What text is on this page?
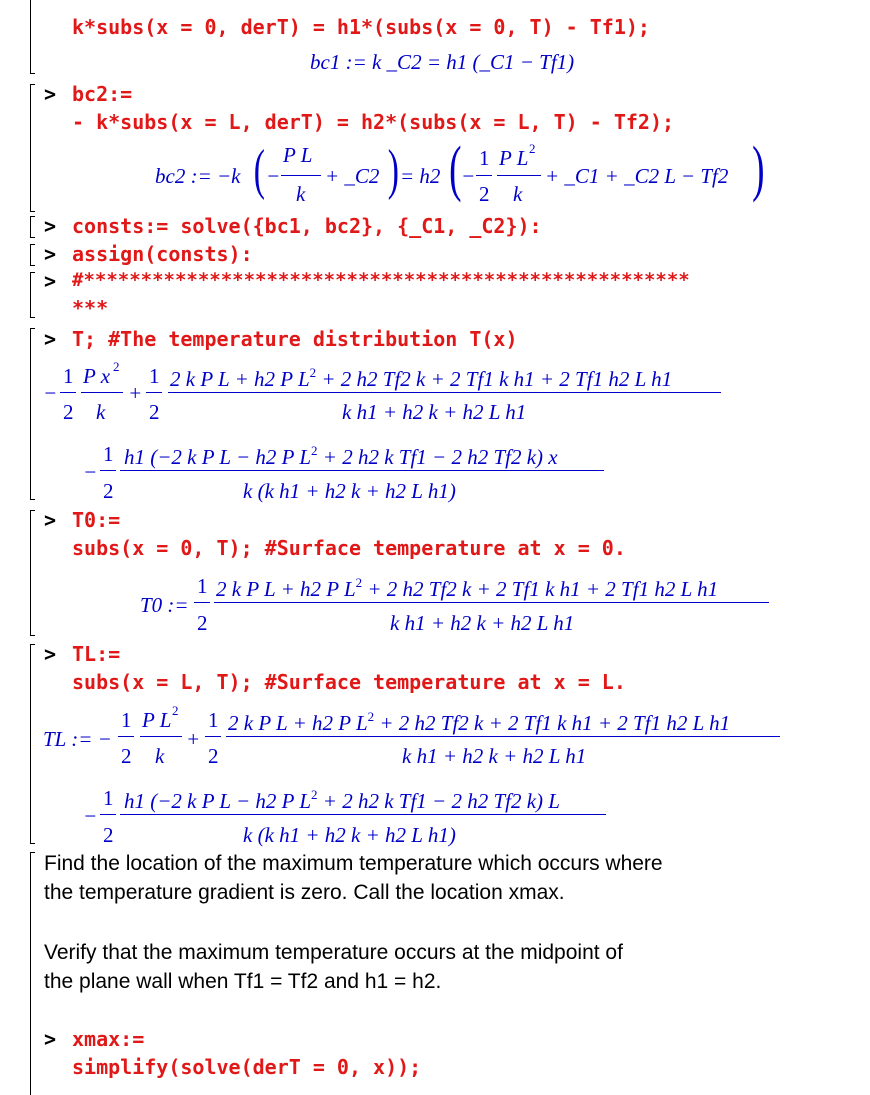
k*subs(x = 0, derT) = h1*(subs(x = 0, T) - Tf1);
bc1 := k _C2 = h1 (_C1 − Tf1)
> bc2:=
- k*subs(x = L, derT) = h2*(subs(x = L, T) - Tf2);
bc2 := −k ( −
P L
k
+ _C2 ) = h2 ( −
1
2
P L 2
k
+ _C1 + _C2 L − Tf2 )
> consts:= solve({bc1, bc2}, {_C1, _C2}):
> assign(consts):
> #*****************************************************
***
> T; #The temperature distribution T(x)
−
1
2
P x 2
k
+
1
2
2 k P L + h2 P $L^2 + 2$ h2 Tf2 k + 2 Tf1 k h1 + 2 Tf1 h2 L h1
k h1 + h2 k + h2 L h1
−
1
2
h1 (−2 k P L − h2 P $L^2 + 2$ h2 k Tf1 − 2 h2 Tf2 k) x
k (k h1 + h2 k + h2 L h1)
> T0:=
subs(x = 0, T); #Surface temperature at x = 0.
T0 :=
1
2
2 k P L + h2 P $L^2 + 2$ h2 Tf2 k + 2 Tf1 k h1 + 2 Tf1 h2 L h1
k h1 + h2 k + h2 L h1
> TL:=
subs(x = L, T); #Surface temperature at x = L.
TL := −
1
2
P L 2
k
+
1
2
2 k P L + h2 P $L^2 + 2$ h2 Tf2 k + 2 Tf1 k h1 + 2 Tf1 h2 L h1
k h1 + h2 k + h2 L h1
−
1
2
h1 (−2 k P L − h2 P $L^2 + 2$ h2 k Tf1 − 2 h2 Tf2 k) L
k (k h1 + h2 k + h2 L h1)
Find the location of the maximum temperature which occurs where
the temperature gradient is zero. Call the location xmax.
Verify that the maximum temperature occurs at the midpoint of
the plane wall when Tf1 = Tf2 and h1 = h2.
> xmax:=
simplify(solve(derT = 0, x));
